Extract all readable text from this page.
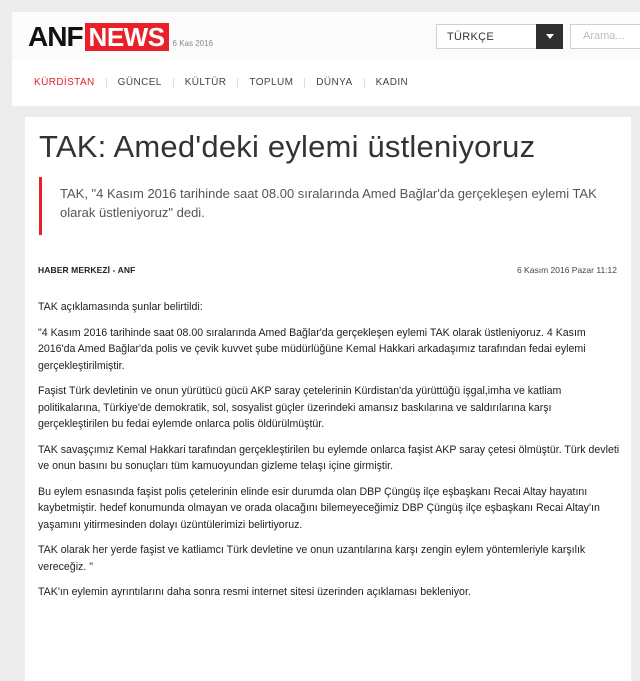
ANF NEWS	6 Kas 2016
TÜRKÇE	Arama...
KÜRDİSTAN	GÜNCEL	KÜLTÜR	TOPLUM	DÜNYA	KADIN
TAK: Amed'deki eylemi üstleniyoruz
TAK, "4 Kasım 2016 tarihinde saat 08.00 sıralarında Amed Bağlar'da gerçekleşen eylemi TAK olarak üstleniyoruz" dedi.
HABER MERKEZİ - ANF	6 Kasım 2016 Pazar 11:12

TAK açıklamasında şunlar belirtildi:

"4 Kasım 2016 tarihinde saat 08.00 sıralarında Amed Bağlar'da gerçekleşen eylemi TAK olarak üstleniyoruz. 4 Kasım 2016'da Amed Bağlar'da polis ve çevik kuvvet şube müdürlüğüne Kemal Hakkari arkadaşımız tarafından fedai eylemi gerçekleştirilmiştir.

Faşist Türk devletinin ve onun yürütücü gücü AKP saray çetelerinin Kürdistan'da yürüttüğü işgal,imha ve katliam politikalarına, Türkiye'de demokratik, sol, sosyalist güçler üzerindeki amansız baskılarına ve saldırılarına karşı gerçekleştirilen bu fedai eylemde onlarca polis öldürülmüştür.

TAK savaşçımız Kemal Hakkari tarafından gerçekleştirilen bu eylemde onlarca faşist AKP saray çetesi ölmüştür. Türk devleti ve onun basını bu sonuçları tüm kamuoyundan gizleme telaşı içine girmiştir.

Bu eylem esnasında faşist polis çetelerinin elinde esir durumda olan DBP Çüngüş ilçe eşbaşkanı Recai Altay hayatını kaybetmiştir. hedef konumunda olmayan ve orada olacağını bilemeyeceğimiz DBP Çüngüş ilçe eşbaşkanı Recai Altay'ın yaşamını yitirmesinden dolayı üzüntülerimizi belirtiyoruz.

TAK olarak her yerde faşist ve katliamcı Türk devletine ve onun uzantılarına karşı zengin eylem yöntemleriyle karşılık vereceğiz. "

TAK'ın eylemin ayrıntılarını daha sonra resmi internet sitesi üzerinden açıklaması bekleniyor.
